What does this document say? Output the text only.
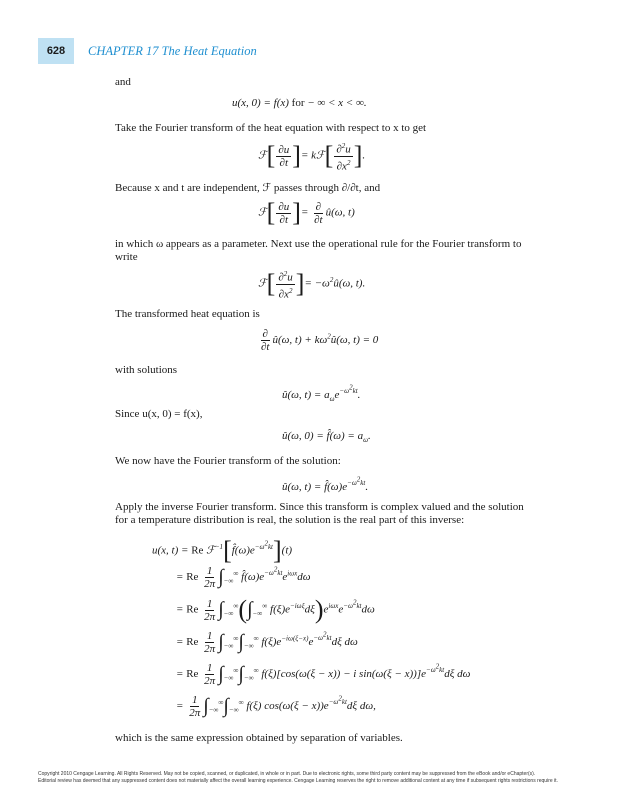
628	CHAPTER 17 The Heat Equation
and
u(x, 0) = f(x) for − ∞ < x < ∞.
Take the Fourier transform of the heat equation with respect to x to get
ℱ[ $\frac{\partial u}{\partial t}$ ]= kℱ[ $\frac{\partial^2u}{\partial x^2}$ ].
Because x and t are independent, ℱ passes through ∂/∂t, and
ℱ[ $\frac{\partial u}{\partial t}$ ]= $\frac{\partial}{\partial t}$ û(ω, t)
in which ω appears as a parameter. Next use the operational rule for the Fourier transform to write
ℱ[ $\frac{\partial^2u}{\partial x^2}$ ]= $-\omega^2û(\omega$, t).
The transformed heat equation is
$\frac{\partial}{\partial t}$ û(ω, $t) + k\omega^2û(\omega$, t) = 0
with solutions
û(ω, $t) = a_\omega e^{-\omega^2kt}$.
Since u(x, 0) = f(x),
û(ω, 0) = f̂(ω) = $a_\omega$.
We now have the Fourier transform of the solution:
û(ω, $t) = f̂(\omega)e^{-\omega^2kt}$.
Apply the inverse Fourier transform. Since this transform is complex valued and the solution for a temperature distribution is real, the solution is the real part of this inverse:
u(x, t) = Re $ℱ^{-1}[f̂(\omega)e^{-\omega^2kt}](t)$
= Re $\frac{1}{2\pi} \int_{-\infty}^\infty$ $f̂(\omega)e^{-\omega^2kt}e^{i\omega x}d\omega$
= Re $\frac{1}{2\pi} \int_{-\infty}^\infty(\int_{-\infty}^\infty$ $f(\xi)e^{-i\omega\xi}d\xi)e^{i\omega x}e^{-\omega^2kt}d\omega$
= Re $\frac{1}{2\pi} \int_{-\infty}^\infty\int_{-\infty}^\infty$ $f(\xi)e^{-i\omega(\xi-x)}e^{-\omega^2kt}d\xi$ dω
= Re $\frac{1}{2\pi} \int_{-\infty}^\infty\int_{-\infty}^\infty$ f(ξ)[cos(ω(ξ − x)) − i $\sin(\omega(\xi - x))]e^{-\omega^2kt}d\xi$ dω
= $\frac{1}{2\pi} \int_{-\infty}^\infty\int_{-\infty}^\infty$ f(ξ) $\cos(\omega(\xi - x))e^{-\omega^2kt}d\xi$ dω,
which is the same expression obtained by separation of variables.
Copyright 2010 Cengage Learning. All Rights Reserved. May not be copied, scanned, or duplicated, in whole or in part. Due to electronic rights, some third party content may be suppressed from the eBook and/or eChapter(s).
Editorial review has deemed that any suppressed content does not materially affect the overall learning experience. Cengage Learning reserves the right to remove additional content at any time if subsequent rights restrictions require it.
